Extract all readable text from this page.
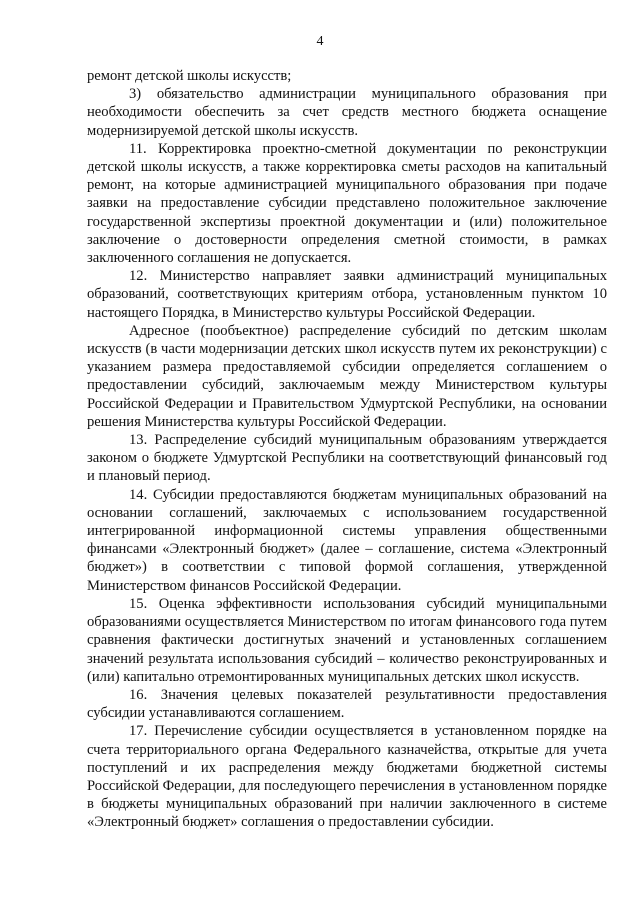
4

ремонт детской школы искусств;

3) обязательство администрации муниципального образования при необходимости обеспечить за счет средств местного бюджета оснащение модернизируемой детской школы искусств.

11. Корректировка проектно-сметной документации по реконструкции детской школы искусств, а также корректировка сметы расходов на капитальный ремонт, на которые администрацией муниципального образования при подаче заявки на предоставление субсидии представлено положительное заключение государственной экспертизы проектной документации и (или) положительное заключение о достоверности определения сметной стоимости, в рамках заключенного соглашения не допускается.

12. Министерство направляет заявки администраций муниципальных образований, соответствующих критериям отбора, установленным пунктом 10 настоящего Порядка, в Министерство культуры Российской Федерации.

Адресное (пообъектное) распределение субсидий по детским школам искусств (в части модернизации детских школ искусств путем их реконструкции) с указанием размера предоставляемой субсидии определяется соглашением о предоставлении субсидий, заключаемым между Министерством культуры Российской Федерации и Правительством Удмуртской Республики, на основании решения Министерства культуры Российской Федерации.

13. Распределение субсидий муниципальным образованиям утверждается законом о бюджете Удмуртской Республики на соответствующий финансовый год и плановый период.

14. Субсидии предоставляются бюджетам муниципальных образований на основании соглашений, заключаемых с использованием государственной интегрированной информационной системы управления общественными финансами «Электронный бюджет» (далее – соглашение, система «Электронный бюджет») в соответствии с типовой формой соглашения, утвержденной Министерством финансов Российской Федерации.

15. Оценка эффективности использования субсидий муниципальными образованиями осуществляется Министерством по итогам финансового года путем сравнения фактически достигнутых значений и установленных соглашением значений результата использования субсидий – количество реконструированных и (или) капитально отремонтированных муниципальных детских школ искусств.

16. Значения целевых показателей результативности предоставления субсидии устанавливаются соглашением.

17. Перечисление субсидии осуществляется в установленном порядке на счета территориального органа Федерального казначейства, открытые для учета поступлений и их распределения между бюджетами бюджетной системы Российской Федерации, для последующего перечисления в установленном порядке в бюджеты муниципальных образований при наличии заключенного в системе «Электронный бюджет» соглашения о предоставлении субсидии.
